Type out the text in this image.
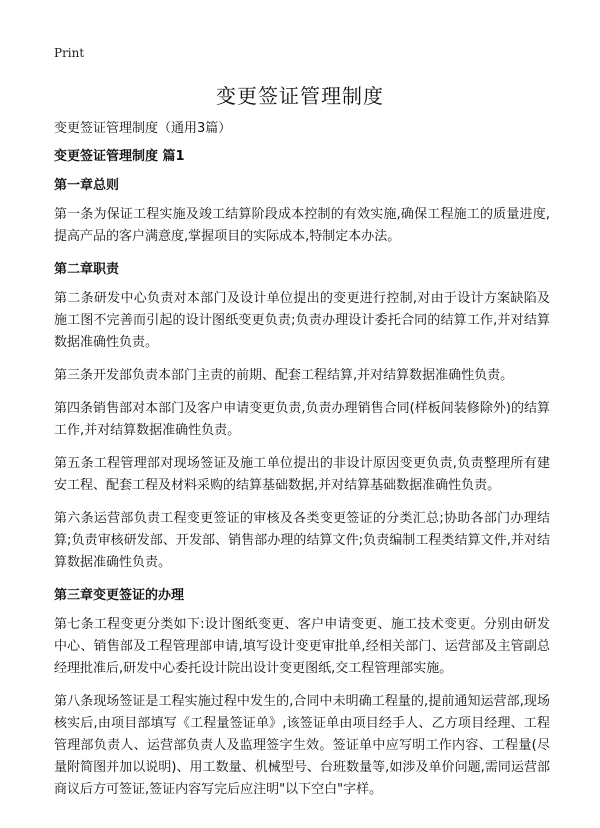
Print
变更签证管理制度

变更签证管理制度（通用3篇）

变更签证管理制度 篇1

第一章总则

第一条为保证工程实施及竣工结算阶段成本控制的有效实施,确保工程施工的质量进度,提高产品的客户满意度,掌握项目的实际成本,特制定本办法。

第二章职责

第二条研发中心负责对本部门及设计单位提出的变更进行控制,对由于设计方案缺陷及施工图不完善而引起的设计图纸变更负责;负责办理设计委托合同的结算工作,并对结算数据准确性负责。

第三条开发部负责本部门主责的前期、配套工程结算,并对结算数据准确性负责。

第四条销售部对本部门及客户申请变更负责,负责办理销售合同(样板间装修除外)的结算工作,并对结算数据准确性负责。

第五条工程管理部对现场签证及施工单位提出的非设计原因变更负责,负责整理所有建安工程、配套工程及材料采购的结算基础数据,并对结算基础数据准确性负责。

第六条运营部负责工程变更签证的审核及各类变更签证的分类汇总;协助各部门办理结算;负责审核研发部、开发部、销售部办理的结算文件;负责编制工程类结算文件,并对结算数据准确性负责。

第三章变更签证的办理

第七条工程变更分类如下:设计图纸变更、客户申请变更、施工技术变更。分别由研发中心、销售部及工程管理部申请,填写设计变更审批单,经相关部门、运营部及主管副总经理批准后,研发中心委托设计院出设计变更图纸,交工程管理部实施。

第八条现场签证是工程实施过程中发生的,合同中未明确工程量的,提前通知运营部,现场核实后,由项目部填写《工程量签证单》,该签证单由项目经手人、乙方项目经理、工程管理部负责人、运营部负责人及监理签字生效。签证单中应写明工作内容、工程量(尽量附简图并加以说明)、用工数量、机械型号、台班数量等,如涉及单价问题,需同运营部商议后方可签证,签证内容写完后应注明"以下空白"字样。
